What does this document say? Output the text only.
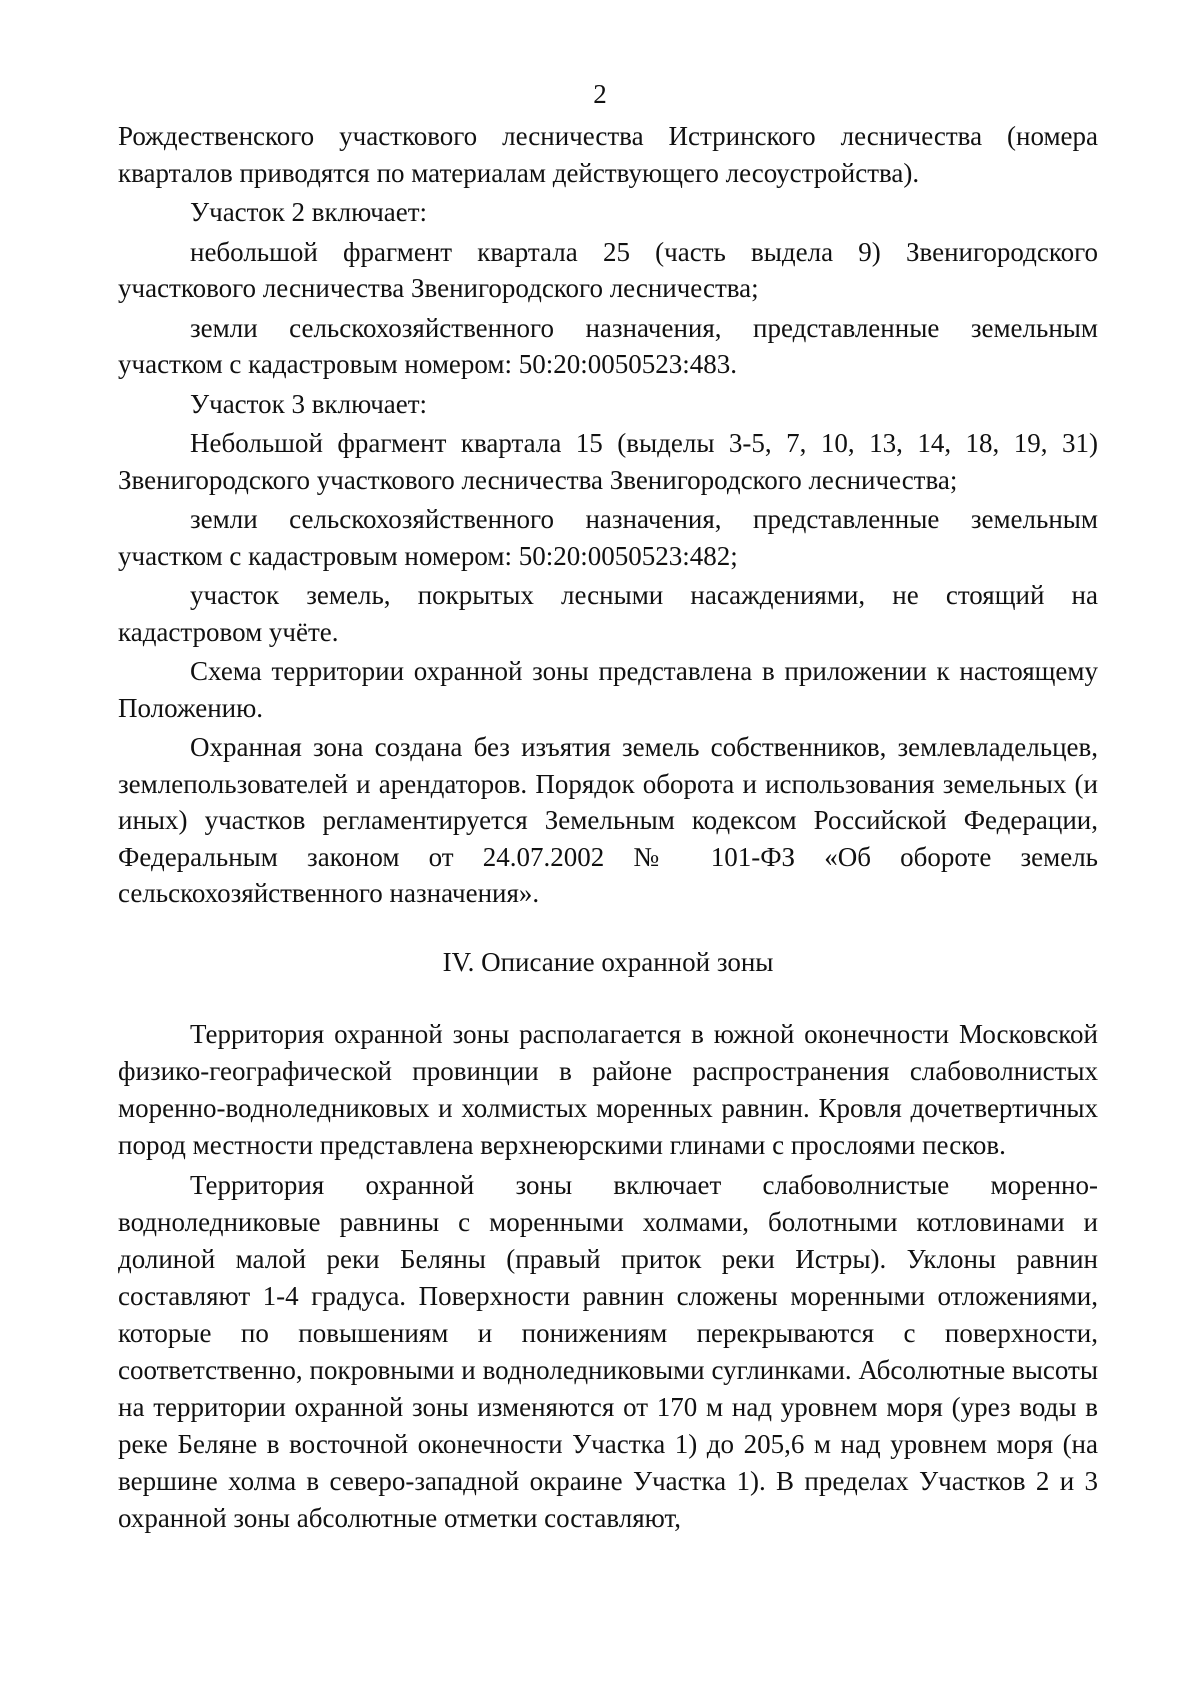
2

Рождественского участкового лесничества Истринского лесничества (номера кварталов приводятся по материалам действующего лесоустройства).

Участок 2 включает:

небольшой фрагмент квартала 25 (часть выдела 9) Звенигородского участкового лесничества Звенигородского лесничества;

земли сельскохозяйственного назначения, представленные земельным участком с кадастровым номером: 50:20:0050523:483.

Участок 3 включает:

Небольшой фрагмент квартала 15 (выделы 3-5, 7, 10, 13, 14, 18, 19, 31) Звенигородского участкового лесничества Звенигородского лесничества;

земли сельскохозяйственного назначения, представленные земельным участком с кадастровым номером: 50:20:0050523:482;

участок земель, покрытых лесными насаждениями, не стоящий на кадастровом учёте.

Схема территории охранной зоны представлена в приложении к настоящему Положению.

Охранная зона создана без изъятия земель собственников, землевладельцев, землепользователей и арендаторов. Порядок оборота и использования земельных (и иных) участков регламентируется Земельным кодексом Российской Федерации, Федеральным законом от 24.07.2002 № 101-ФЗ «Об обороте земель сельскохозяйственного назначения».

IV. Описание охранной зоны

Территория охранной зоны располагается в южной оконечности Московской физико-географической провинции в районе распространения слабоволнистых моренно-водноледниковых и холмистых моренных равнин. Кровля дочетвертичных пород местности представлена верхнеюрскими глинами с прослоями песков.

Территория охранной зоны включает слабоволнистые моренно-водноледниковые равнины с моренными холмами, болотными котловинами и долиной малой реки Беляны (правый приток реки Истры). Уклоны равнин составляют 1-4 градуса. Поверхности равнин сложены моренными отложениями, которые по повышениям и понижениям перекрываются с поверхности, соответственно, покровными и водноледниковыми суглинками. Абсолютные высоты на территории охранной зоны изменяются от 170 м над уровнем моря (урез воды в реке Беляне в восточной оконечности Участка 1) до 205,6 м над уровнем моря (на вершине холма в северо-западной окраине Участка 1). В пределах Участков 2 и 3 охранной зоны абсолютные отметки составляют,
